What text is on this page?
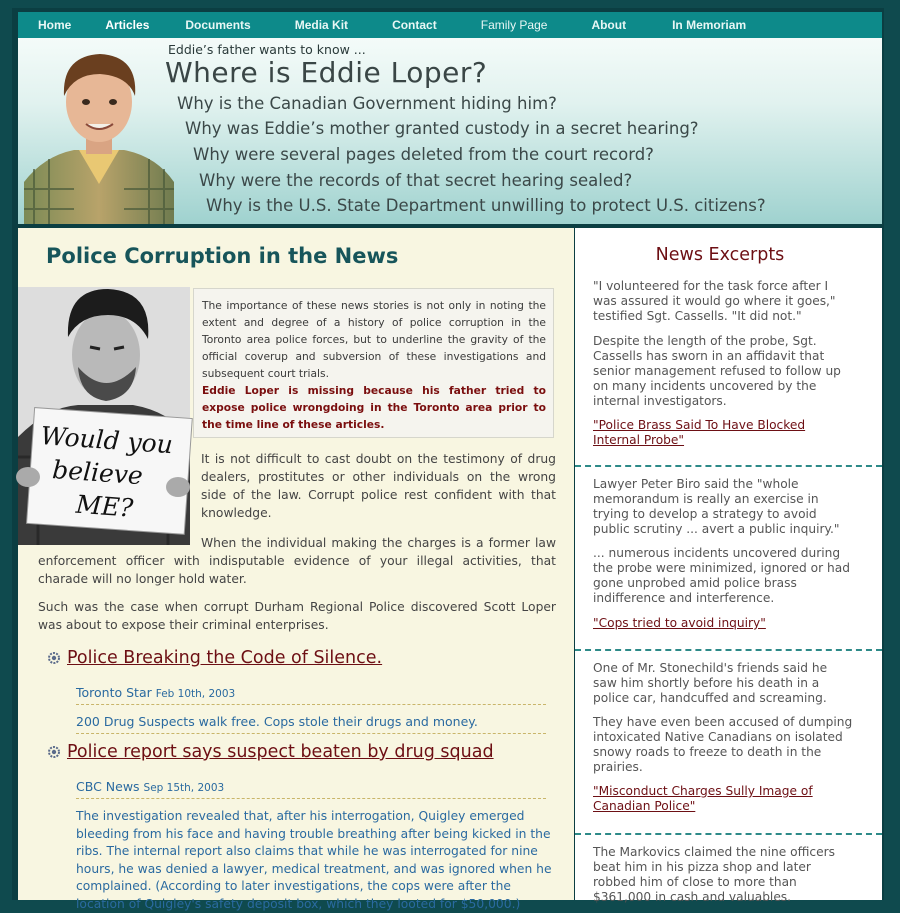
Home	Articles	Documents	Media Kit	Contact	Family Page	About	In Memoriam
Eddie’s father wants to know ...
Where is Eddie Loper?
Why is the Canadian Government hiding him?
Why was Eddie’s mother granted custody in a secret hearing?
Why were several pages deleted from the court record?
Why were the records of that secret hearing sealed?
Why is the U.S. State Department unwilling to protect U.S. citizens?
Police Corruption in the News
Would you
believe
ME?

The importance of these news stories is not only in noting the extent and degree of a history of police corruption in the Toronto area police forces, but to underline the gravity of the official coverup and subversion of these investigations and subsequent court trials.

Eddie Loper is missing because his father tried to expose police wrongdoing in the Toronto area prior to the time line of these articles.

It is not difficult to cast doubt on the testimony of drug dealers, prostitutes or other individuals on the wrong side of the law. Corrupt police rest confident with that knowledge.

When the individual making the charges is a former law enforcement officer with indisputable evidence of your illegal activities, that charade will no longer hold water.

Such was the case when corrupt Durham Regional Police discovered Scott Loper was about to expose their criminal enterprises.

Police Breaking the Code of Silence.
Toronto Star Feb 10th, 2003
200 Drug Suspects walk free. Cops stole their drugs and money.
Police report says suspect beaten by drug squad
CBC News Sep 15th, 2003

The investigation revealed that, after his interrogation, Quigley emerged bleeding from his face and having trouble breathing after being kicked in the ribs. The internal report also claims that while he was interrogated for nine hours, he was denied a lawyer, medical treatment, and was ignored when he complained. (According to later investigations, the cops were after the location of Quigley's safety deposit box, which they looted for $50,000.)

News Excerpts

"I volunteered for the task force after I was assured it would go where it goes," testified Sgt. Cassells. "It did not."

Despite the length of the probe, Sgt. Cassells has sworn in an affidavit that senior management refused to follow up on many incidents uncovered by the internal investigators.

"Police Brass Said To Have Blocked Internal Probe"

Lawyer Peter Biro said the "whole memorandum is really an exercise in trying to develop a strategy to avoid public scrutiny ... avert a public inquiry."

... numerous incidents uncovered during the probe were minimized, ignored or had gone unprobed amid police brass indifference and interference.

"Cops tried to avoid inquiry"

One of Mr. Stonechild's friends said he saw him shortly before his death in a police car, handcuffed and screaming.

They have even been accused of dumping intoxicated Native Canadians on isolated snowy roads to freeze to death in the prairies.

"Misconduct Charges Sully Image of Canadian Police"

The Markovics claimed the nine officers beat him in his pizza shop and later robbed him of close to more than $361,000 in cash and valuables.
